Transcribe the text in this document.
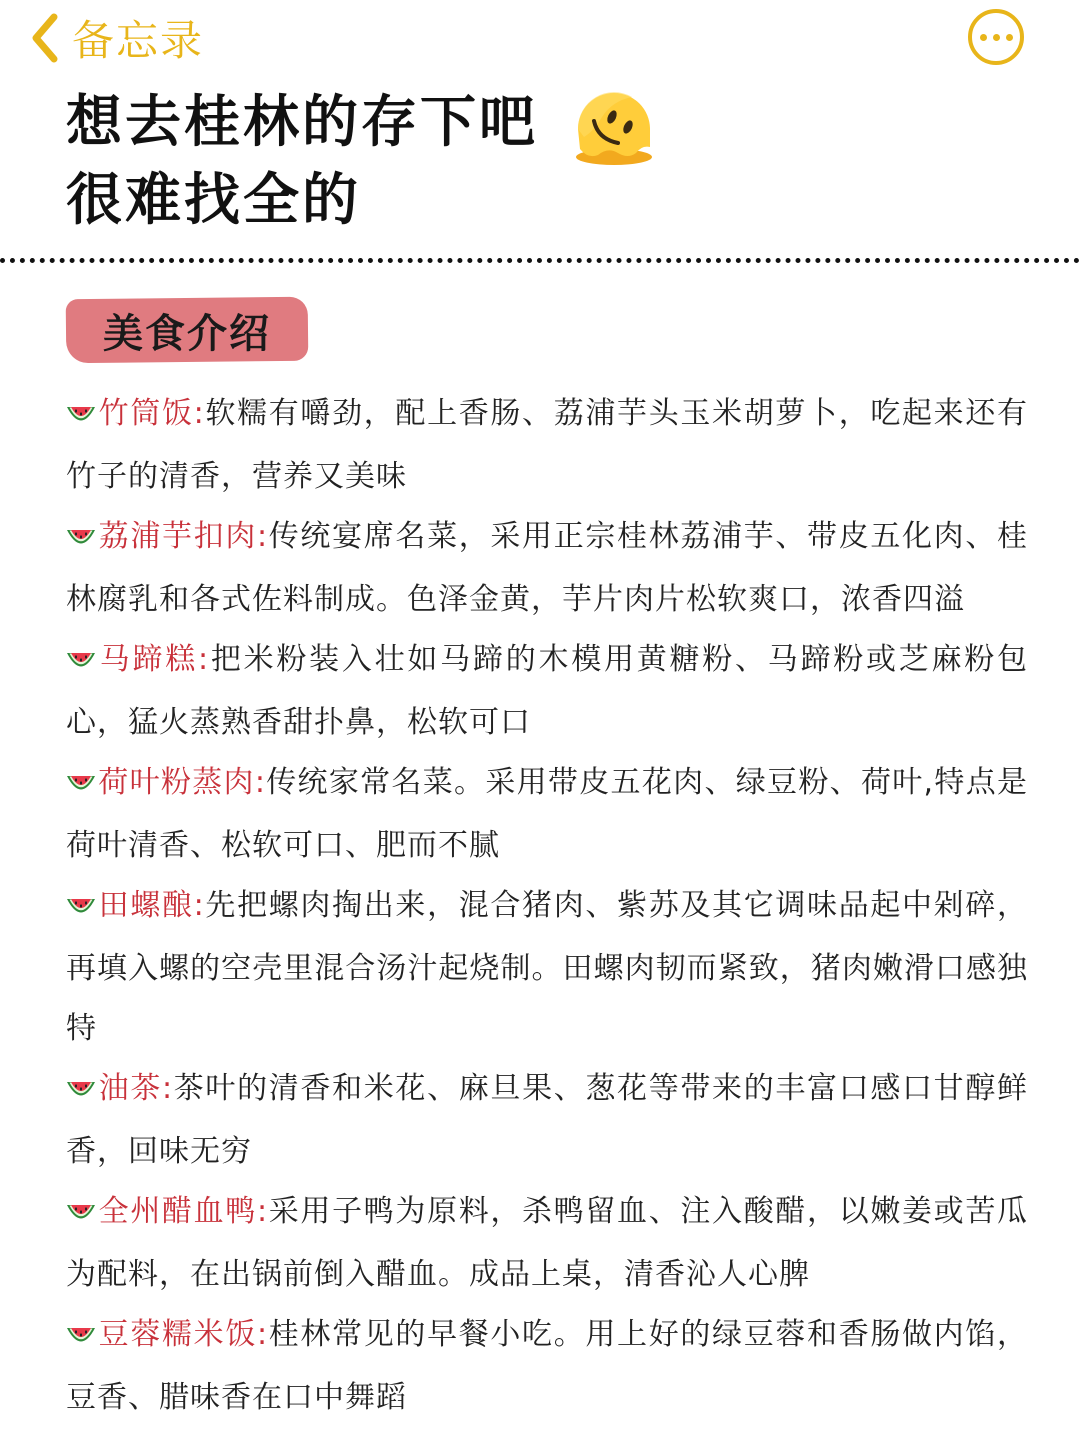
备忘录
想去桂林的存下吧
很难找全的
美食介绍
竹筒饭:软糯有嚼劲，配上香肠、荔浦芋头玉米胡萝卜，吃起来还有竹子的清香，营养又美味
荔浦芋扣肉:传统宴席名菜，采用正宗桂林荔浦芋、带皮五化肉、桂林腐乳和各式佐料制成。色泽金黄，芋片肉片松软爽口，浓香四溢
马蹄糕:把米粉装入壮如马蹄的木模用黄糖粉、马蹄粉或芝麻粉包心，猛火蒸熟香甜扑鼻，松软可口
荷叶粉蒸肉:传统家常名菜。采用带皮五花肉、绿豆粉、荷叶,特点是荷叶清香、松软可口、肥而不腻
田螺酿:先把螺肉掏出来，混合猪肉、紫苏及其它调味品起中剁碎，再填入螺的空壳里混合汤汁起烧制。田螺肉韧而紧致，猪肉嫩滑口感独特
油茶:茶叶的清香和米花、麻旦果、葱花等带来的丰富口感口甘醇鲜香，回味无穷
全州醋血鸭:采用子鸭为原料，杀鸭留血、注入酸醋，以嫩姜或苦瓜为配料，在出锅前倒入醋血。成品上桌，清香沁人心脾
豆蓉糯米饭:桂林常见的早餐小吃。用上好的绿豆蓉和香肠做内馅，豆香、腊味香在口中舞蹈
